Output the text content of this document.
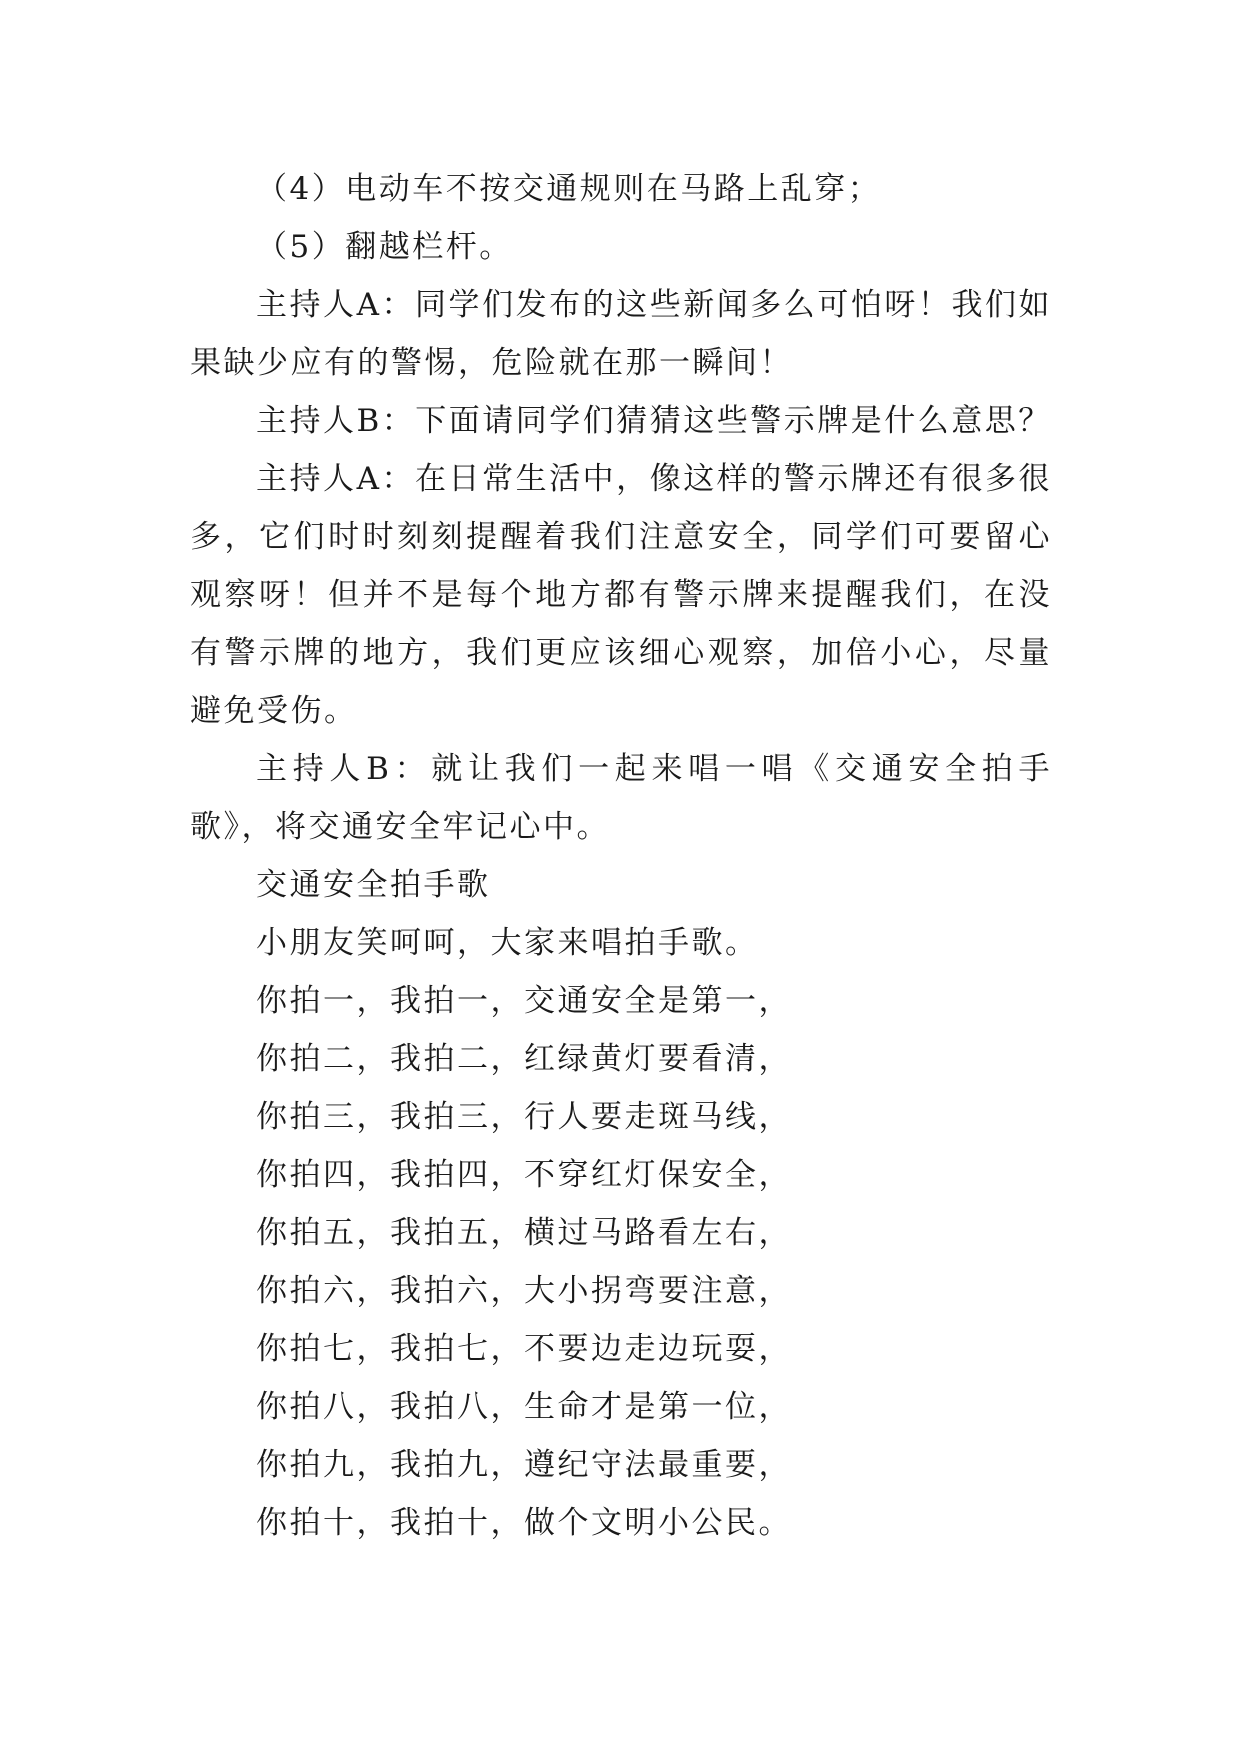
（4）电动车不按交通规则在马路上乱穿；

（5）翻越栏杆。

主持人A：同学们发布的这些新闻多么可怕呀！我们如果缺少应有的警惕，危险就在那一瞬间！

主持人B：下面请同学们猜猜这些警示牌是什么意思？

主持人A：在日常生活中，像这样的警示牌还有很多很多，它们时时刻刻提醒着我们注意安全，同学们可要留心观察呀！但并不是每个地方都有警示牌来提醒我们，在没有警示牌的地方，我们更应该细心观察，加倍小心，尽量避免受伤。

主持人B：就让我们一起来唱一唱《交通安全拍手歌》，将交通安全牢记心中。

交通安全拍手歌

小朋友笑呵呵，大家来唱拍手歌。

你拍一，我拍一，交通安全是第一，

你拍二，我拍二，红绿黄灯要看清，

你拍三，我拍三，行人要走斑马线，

你拍四，我拍四，不穿红灯保安全，

你拍五，我拍五，横过马路看左右，

你拍六，我拍六，大小拐弯要注意，

你拍七，我拍七，不要边走边玩耍，

你拍八，我拍八，生命才是第一位，

你拍九，我拍九，遵纪守法最重要，

你拍十，我拍十，做个文明小公民。
